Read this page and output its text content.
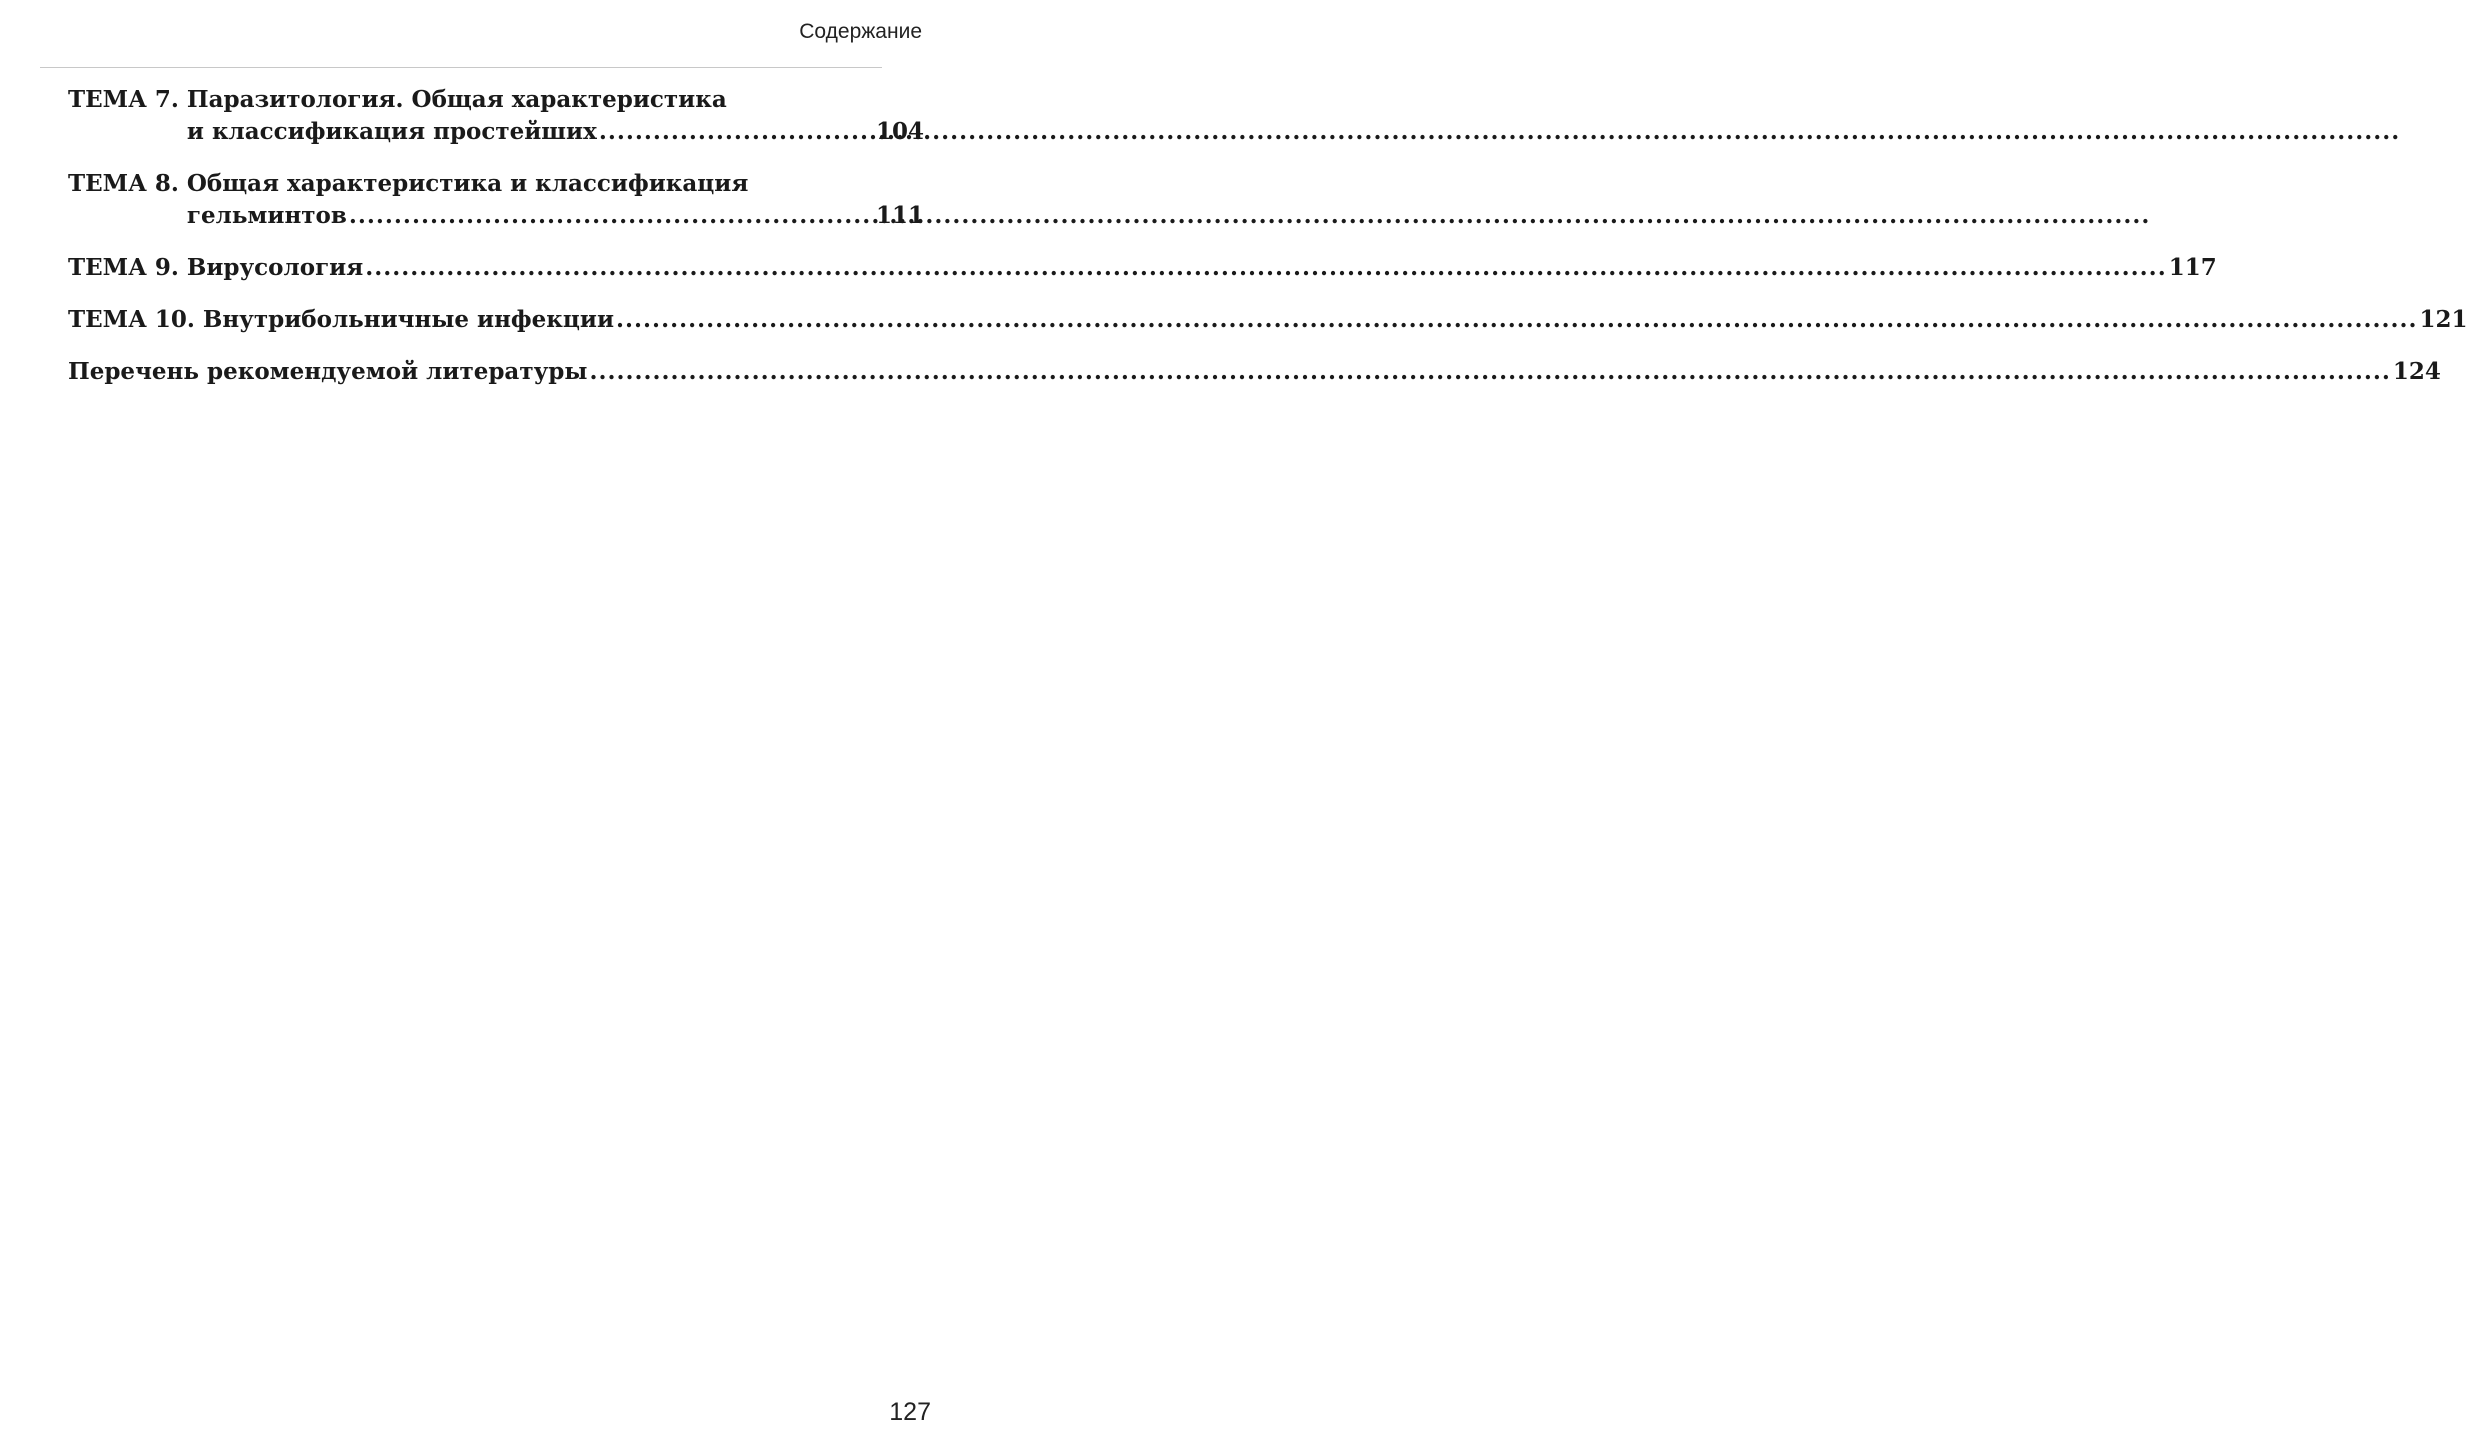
Содержание
ТЕМА 7. Паразитология. Общая характеристика
и классификация простейших .....	104
ТЕМА 8. Общая характеристика и классификация
гельминтов .....	111
ТЕМА 9. Вирусология .....	117
ТЕМА 10. Внутрибольничные инфекции .....	121
Перечень рекомендуемой литературы .....	124
127
